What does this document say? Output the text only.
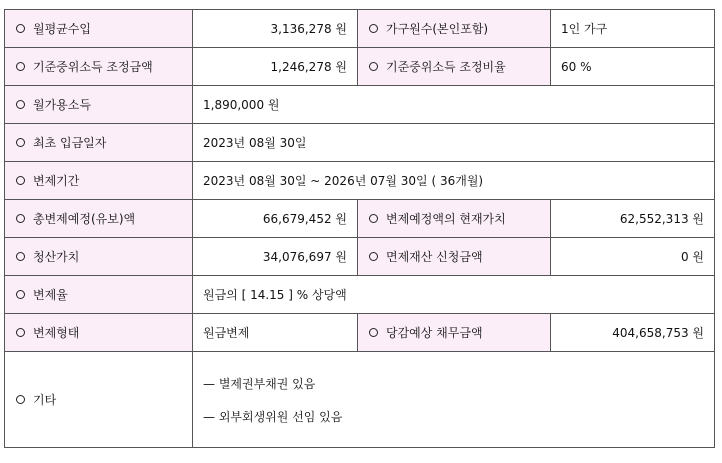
월평균수입	3,136,278 원	가구원수(본인포함)	1인 가구
기준중위소득 조정금액	1,246,278 원	기준중위소득 조정비율	60 %
월가용소득	1,890,000 원		
최초 입금일자	2023년 08월 30일		
변제기간	2023년 08월 30일 ~ 2026년 07월 30일 ( 36개월)		
총변제예정(유보)액	66,679,452 원	변제예정액의 현재가치	62,552,313 원
청산가치	34,076,697 원	면제재산 신청금액	0 원
변제율	원금의 [ 14.15 ] % 상당액		
변제형태	원금변제	당감예상 채무금액	404,658,753 원
기타	— 별제권부채권 있음
— 외부회생위원 선임 있음		
